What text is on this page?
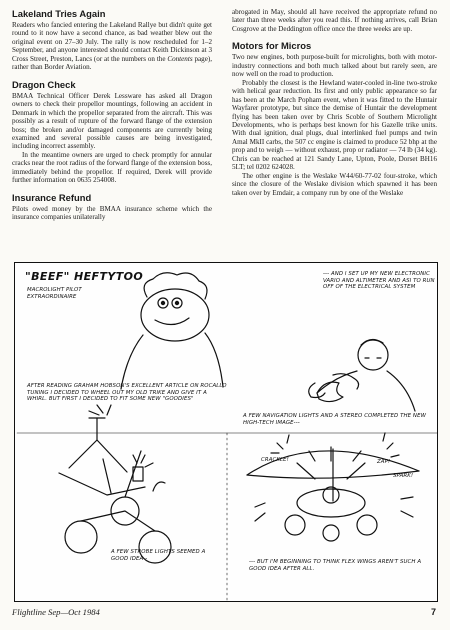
Lakeland Tries Again

Readers who fancied entering the Lakeland Rallye but didn't quite get round to it now have a second chance, as bad weather blew out the original event on 27–30 July. The rally is now rescheduled for 1–2 September, and anyone interested should contact Keith Dickinson at 3 Cross Street, Preston, Lancs (or at the numbers on the Contents page), rather than Border Aviation.

Dragon Check

BMAA Technical Officer Derek Lessware has asked all Dragon owners to check their propellor mountings, following an accident in Denmark in which the propellor separated from the aircraft. This was possibly as a result of rupture of the forward flange of the extension boss; the broken and/or damaged components are currently being examined and several possible causes are being investigated, including incorrect assembly.

In the meantime owners are urged to check promptly for annular cracks near the root radius of the forward flange of the extension boss, immediately behind the propellor. If required, Derek will provide further information on 0635 254008.

Insurance Refund

Pilots owed money by the BMAA insurance scheme which the insurance companies unilaterally

abrogated in May, should all have received the appropriate refund no later than three weeks after you read this. If nothing arrives, call Brian Cosgrove at the Deddington office once the three weeks are up.

Motors for Micros

Two new engines, both purpose-built for microlights, both with motor-industry connections and both much talked about but rarely seen, are now well on the road to production.

Probably the closest is the Hewland water-cooled in-line two-stroke with helical gear reduction. Its first and only public appearance so far has been at the March Popham event, when it was fitted to the Huntair Wayfarer prototype, but since the demise of Huntair the development flying has been taken over by Chris Scoble of Southern Microlight Developments, who is perhaps best known for his Gazelle trike units. With dual ignition, dual plugs, dual interlinked fuel pumps and twin Amal MkII carbs, the 507 cc engine is claimed to produce 52 bhp at the prop and to weigh — without exhaust, prop or radiator — 74 lb (34 kg). Chris can be reached at 121 Sandy Lane, Upton, Poole, Dorset BH16 5LT; tel 0202 624028.

The other engine is the Weslake W44/60-77-02 four-stroke, which since the closure of the Weslake division which spawned it has been taken over by Emdair, a company run by one of the Weslake

"BEEF" HEFTYTOO
MACROLIGHT PILOT EXTRAORDINAIRE
AFTER READING GRAHAM HOBSON'S EXCELLENT ARTICLE ON ROCALLO TUNING I DECIDED TO WHEEL OUT MY OLD TRIKE AND GIVE IT A WHIRL. BUT FIRST I DECIDED TO FIT SOME NEW "GOODIES"
--- AND I SET UP MY NEW ELECTRONIC VARIO AND ALTIMETER AND ASI TO RUN OFF OF THE ELECTRICAL SYSTEM
A FEW NAVIGATION LIGHTS AND A STEREO COMPLETED THE NEW HIGH-TECH IMAGE---
A FEW STROBE LIGHTS SEEMED A GOOD IDEA--
--- BUT I'M BEGINNING TO THINK FLEX WINGS AREN'T SUCH A GOOD IDEA AFTER ALL.
CRACKLE!	ZAP!
SPARK!
Flightline Sep—Oct 1984	7
